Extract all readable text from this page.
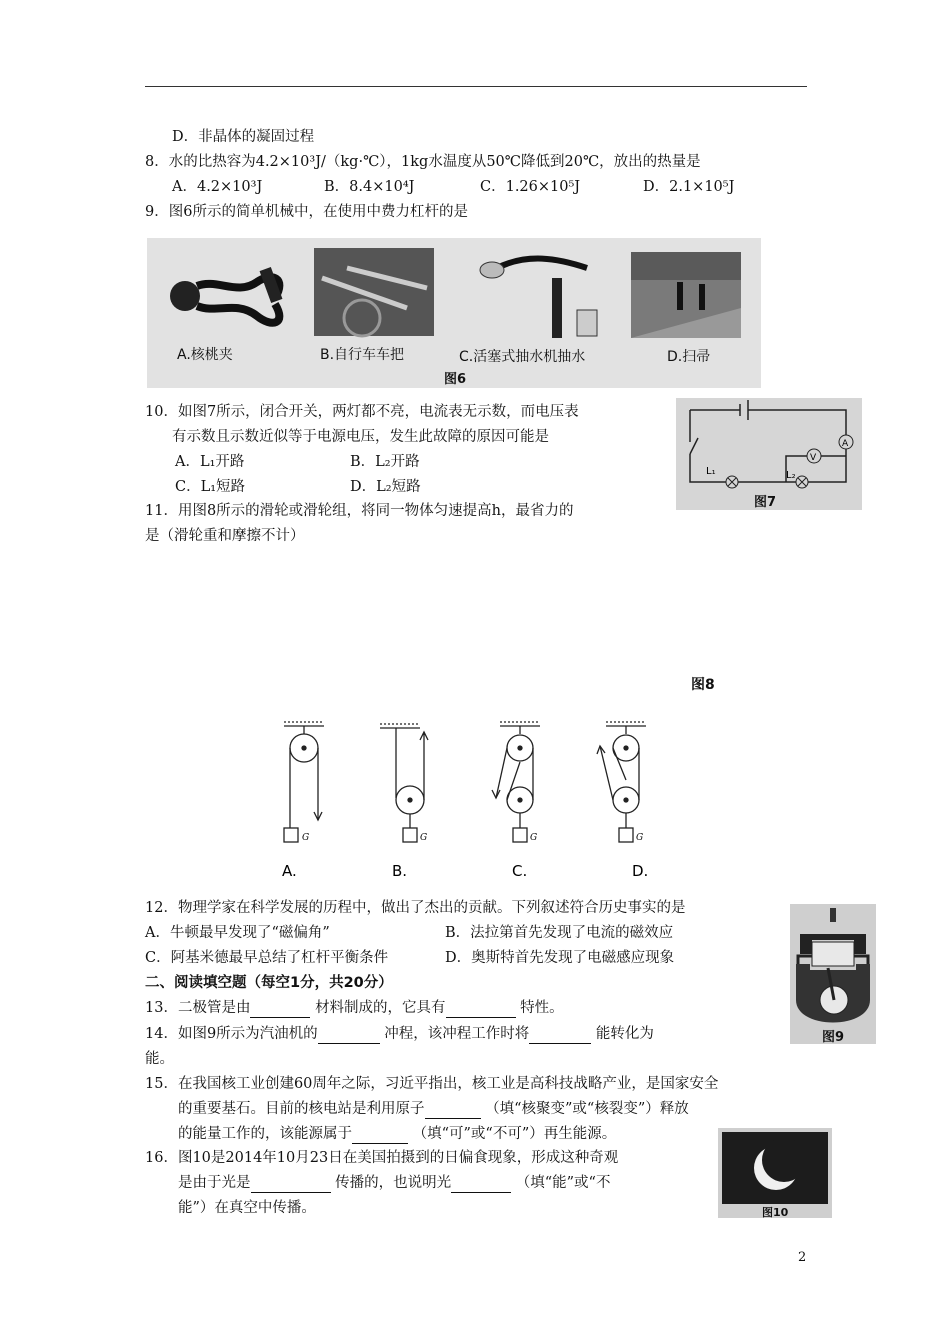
D．非晶体的凝固过程
8．水的比热容为4.2×10³J/（kg·℃），1kg水温度从50℃降低到20℃，放出的热量是
A．4.2×10³J	B．8.4×10⁴J	C．1.26×10⁵J	D．2.1×10⁵J
9．图6所示的简单机械中，在使用中费力杠杆的是
A.核桃夹	B.自行车车把	C.活塞式抽水机抽水	D.扫帚
图6
10．如图7所示，闭合开关，两灯都不亮，电流表无示数，而电压表
有示数且示数近似等于电源电压，发生此故障的原因可能是
A．L₁开路	B．L₂开路
C．L₁短路	D．L₂短路
A
V
L₁	L₂
图7
11．用图8所示的滑轮或滑轮组，将同一物体匀速提高h，最省力的
是（滑轮重和摩擦不计）
图8
G	G	G	G
A.	B.	C.	D.
12．物理学家在科学发展的历程中，做出了杰出的贡献。下列叙述符合历史事实的是
A．牛顿最早发现了“磁偏角”	B．法拉第首先发现了电流的磁效应
C．阿基米德最早总结了杠杆平衡条件	D．奥斯特首先发现了电磁感应现象
图9
二、阅读填空题（每空1分，共20分）
13．二极管是由	材料制成的，它具有	特性。
14．如图9所示为汽油机的	冲程，该冲程工作时将	能转化为
能。
15．在我国核工业创建60周年之际，习近平指出，核工业是高科技战略产业，是国家安全
的重要基石。目前的核电站是利用原子	（填“核聚变”或“核裂变”）释放
的能量工作的，该能源属于	（填“可”或“不可”）再生能源。
16．图10是2014年10月23日在美国拍摄到的日偏食现象，形成这种奇观
是由于光是	传播的，也说明光	（填“能”或“不
能”）在真空中传播。	图10
2
